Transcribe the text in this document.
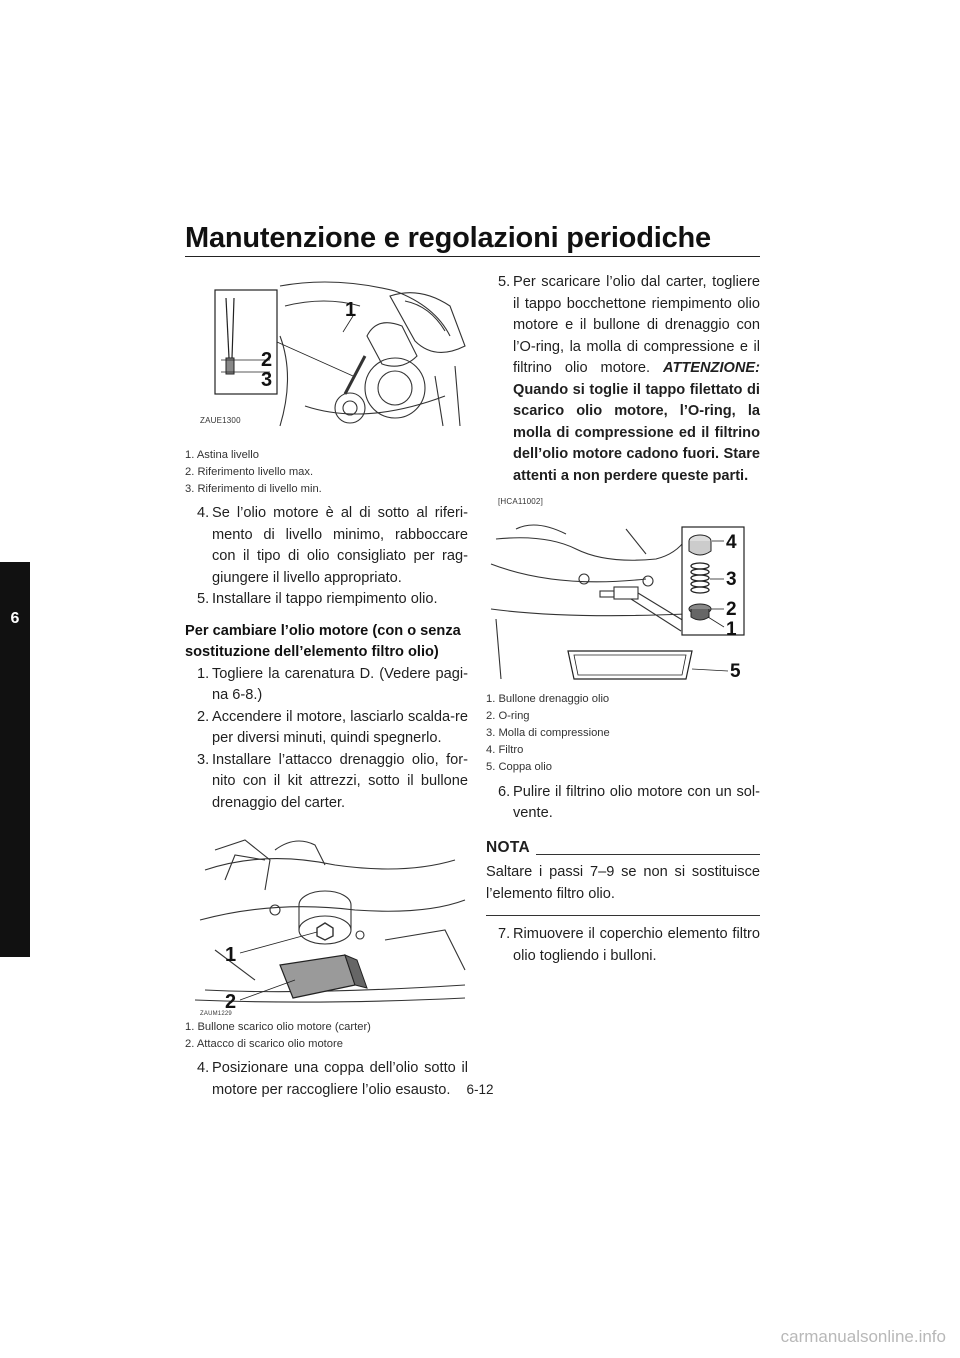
Manutenzione e regolazioni periodiche
6
1
2
3
ZAUE1300
1. Astina livello
2. Riferimento livello max.
3. Riferimento di livello min.
4. Se l’olio motore è al di sotto al riferi-mento di livello minimo, rabboccare con il tipo di olio consigliato per rag-giungere il livello appropriato.
5. Installare il tappo riempimento olio.
Per cambiare l’olio motore (con o senza sostituzione dell’elemento filtro olio)
1. Togliere la carenatura D. (Vedere pagi-na 6-8.)
2. Accendere il motore, lasciarlo scalda-re per diversi minuti, quindi spegnerlo.
3. Installare l’attacco drenaggio olio, for-nito con il kit attrezzi, sotto il bullone drenaggio del carter.
1
2
ZAUM1229
1. Bullone scarico olio motore (carter)
2. Attacco di scarico olio motore
4. Posizionare una coppa dell’olio sotto il motore per raccogliere l’olio esausto.
5. Per scaricare l’olio dal carter, togliere il tappo bocchettone riempimento olio motore e il bullone di drenaggio con l’O-ring, la molla di compressione e il filtrino olio motore. ATTENZIONE: Quando si toglie il tappo filettato di scarico olio motore, l’O-ring, la molla di compressione ed il filtrino dell’olio motore cadono fuori. Stare attenti a non perdere queste parti.
[HCA11002]
4
3
2
1
5
1. Bullone drenaggio olio
2. O-ring
3. Molla di compressione
4. Filtro
5. Coppa olio
6. Pulire il filtrino olio motore con un sol-vente.
NOTA
Saltare i passi 7–9 se non si sostituisce l’elemento filtro olio.
7. Rimuovere il coperchio elemento filtro olio togliendo i bulloni.
6-12
carmanualsonline.info
